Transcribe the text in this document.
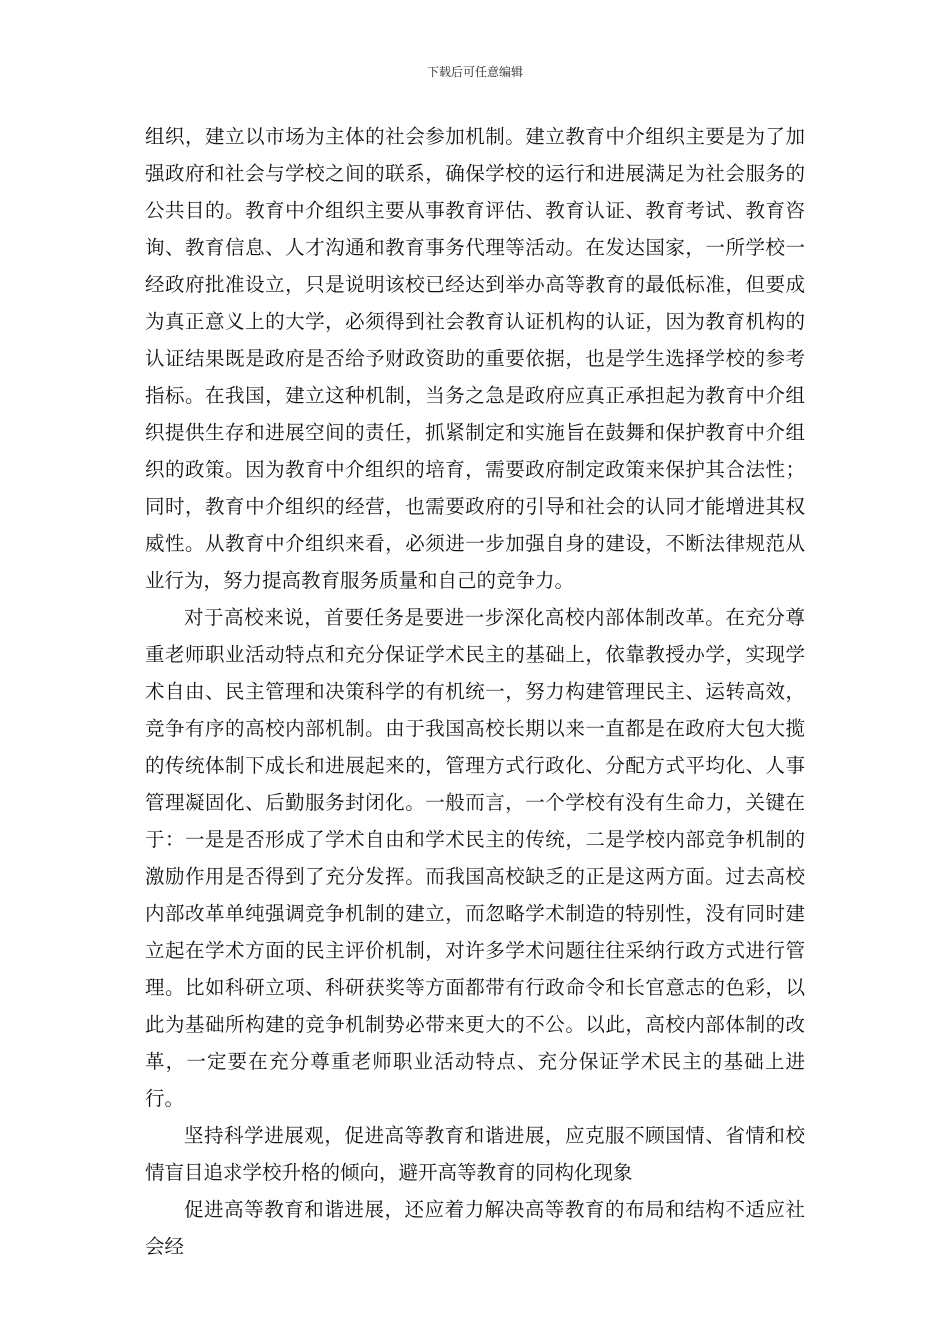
下载后可任意编辑

组织，建立以市场为主体的社会参加机制。建立教育中介组织主要是为了加强政府和社会与学校之间的联系，确保学校的运行和进展满足为社会服务的公共目的。教育中介组织主要从事教育评估、教育认证、教育考试、教育咨询、教育信息、人才沟通和教育事务代理等活动。在发达国家，一所学校一经政府批准设立，只是说明该校已经达到举办高等教育的最低标准，但要成为真正意义上的大学，必须得到社会教育认证机构的认证，因为教育机构的认证结果既是政府是否给予财政资助的重要依据，也是学生选择学校的参考指标。在我国，建立这种机制，当务之急是政府应真正承担起为教育中介组织提供生存和进展空间的责任，抓紧制定和实施旨在鼓舞和保护教育中介组织的政策。因为教育中介组织的培育，需要政府制定政策来保护其合法性；同时，教育中介组织的经营，也需要政府的引导和社会的认同才能增进其权威性。从教育中介组织来看，必须进一步加强自身的建设，不断法律规范从业行为，努力提高教育服务质量和自己的竞争力。

对于高校来说，首要任务是要进一步深化高校内部体制改革。在充分尊重老师职业活动特点和充分保证学术民主的基础上，依靠教授办学，实现学术自由、民主管理和决策科学的有机统一，努力构建管理民主、运转高效，竞争有序的高校内部机制。由于我国高校长期以来一直都是在政府大包大揽的传统体制下成长和进展起来的，管理方式行政化、分配方式平均化、人事管理凝固化、后勤服务封闭化。一般而言，一个学校有没有生命力，关键在于：一是是否形成了学术自由和学术民主的传统，二是学校内部竞争机制的激励作用是否得到了充分发挥。而我国高校缺乏的正是这两方面。过去高校内部改革单纯强调竞争机制的建立，而忽略学术制造的特别性，没有同时建立起在学术方面的民主评价机制，对许多学术问题往往采纳行政方式进行管理。比如科研立项、科研获奖等方面都带有行政命令和长官意志的色彩，以此为基础所构建的竞争机制势必带来更大的不公。以此，高校内部体制的改革，一定要在充分尊重老师职业活动特点、充分保证学术民主的基础上进行。

坚持科学进展观，促进高等教育和谐进展，应克服不顾国情、省情和校情盲目追求学校升格的倾向，避开高等教育的同构化现象

促进高等教育和谐进展，还应着力解决高等教育的布局和结构不适应社会经
